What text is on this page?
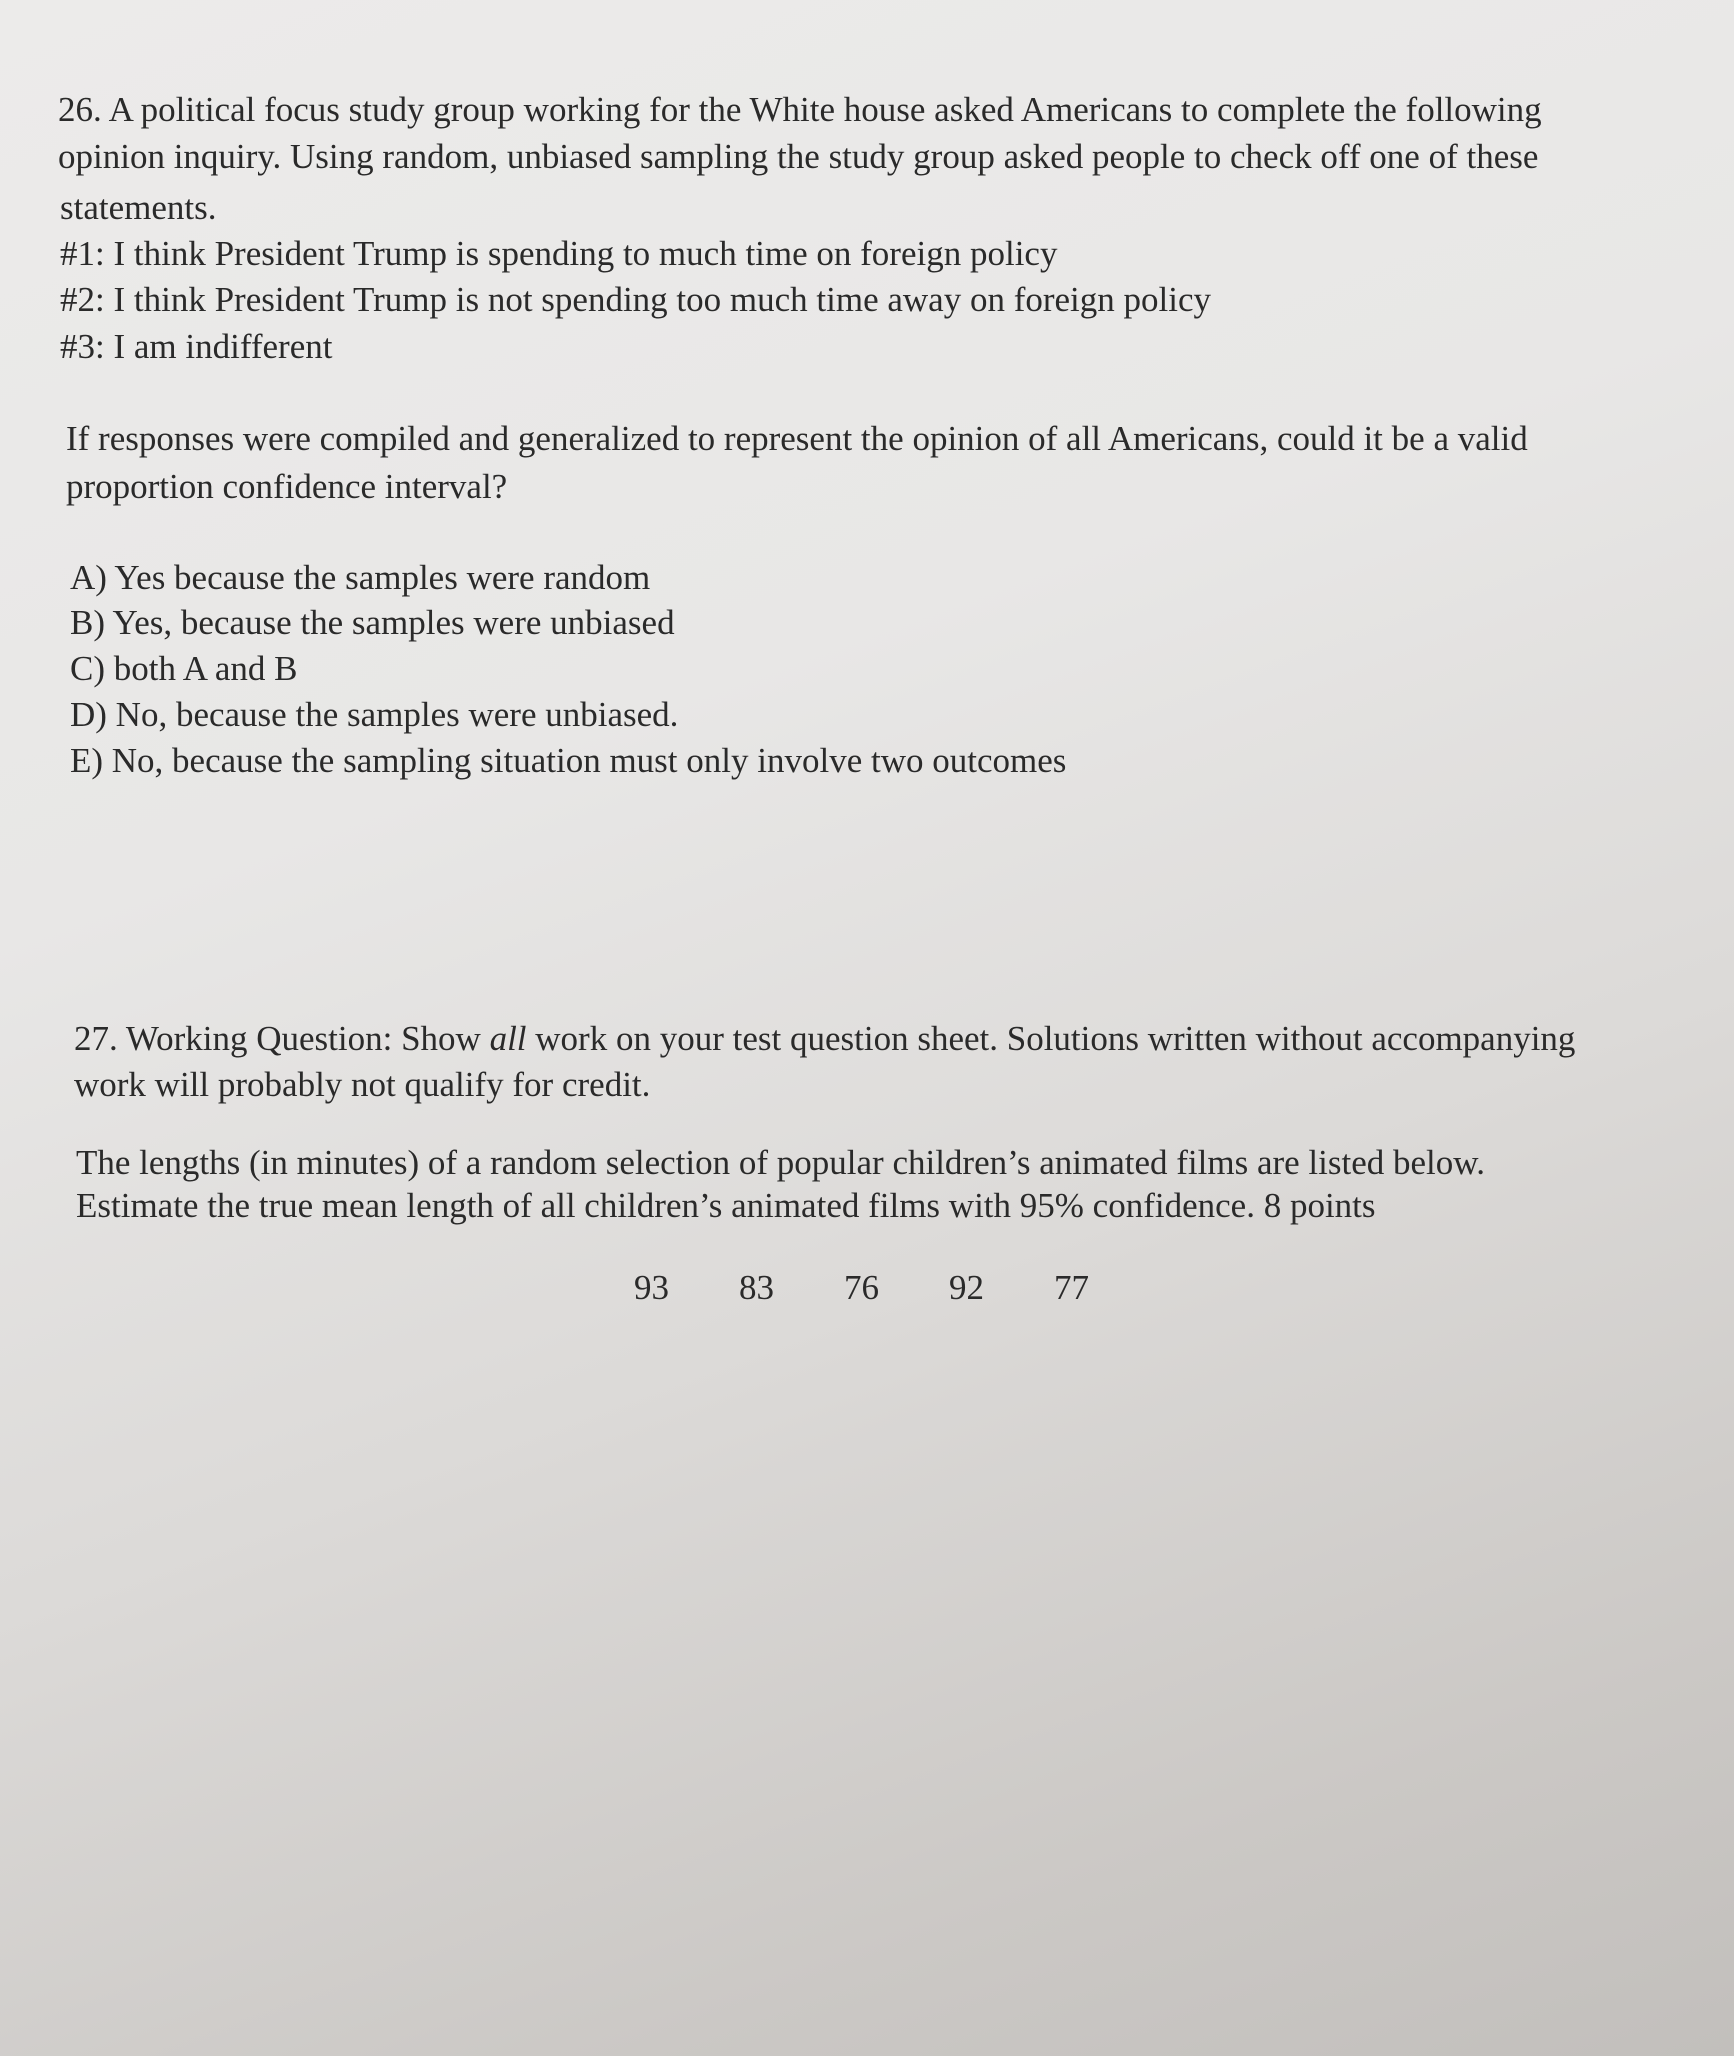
26. A political focus study group working for the White house asked Americans to complete the following
opinion inquiry. Using random, unbiased sampling the study group asked people to check off one of these
statements.
#1: I think President Trump is spending to much time on foreign policy
#2: I think President Trump is not spending too much time away on foreign policy
#3: I am indifferent
If responses were compiled and generalized to represent the opinion of all Americans, could it be a valid
proportion confidence interval?
A) Yes because the samples were random
B) Yes, because the samples were unbiased
C) both A and B
D) No, because the samples were unbiased.
E) No, because the sampling situation must only involve two outcomes
27. Working Question: Show all work on your test question sheet. Solutions written without accompanying
work will probably not qualify for credit.
The lengths (in minutes) of a random selection of popular children’s animated films are listed below.
Estimate the true mean length of all children’s animated films with 95% confidence. 8 points
93 83 76 92 77
